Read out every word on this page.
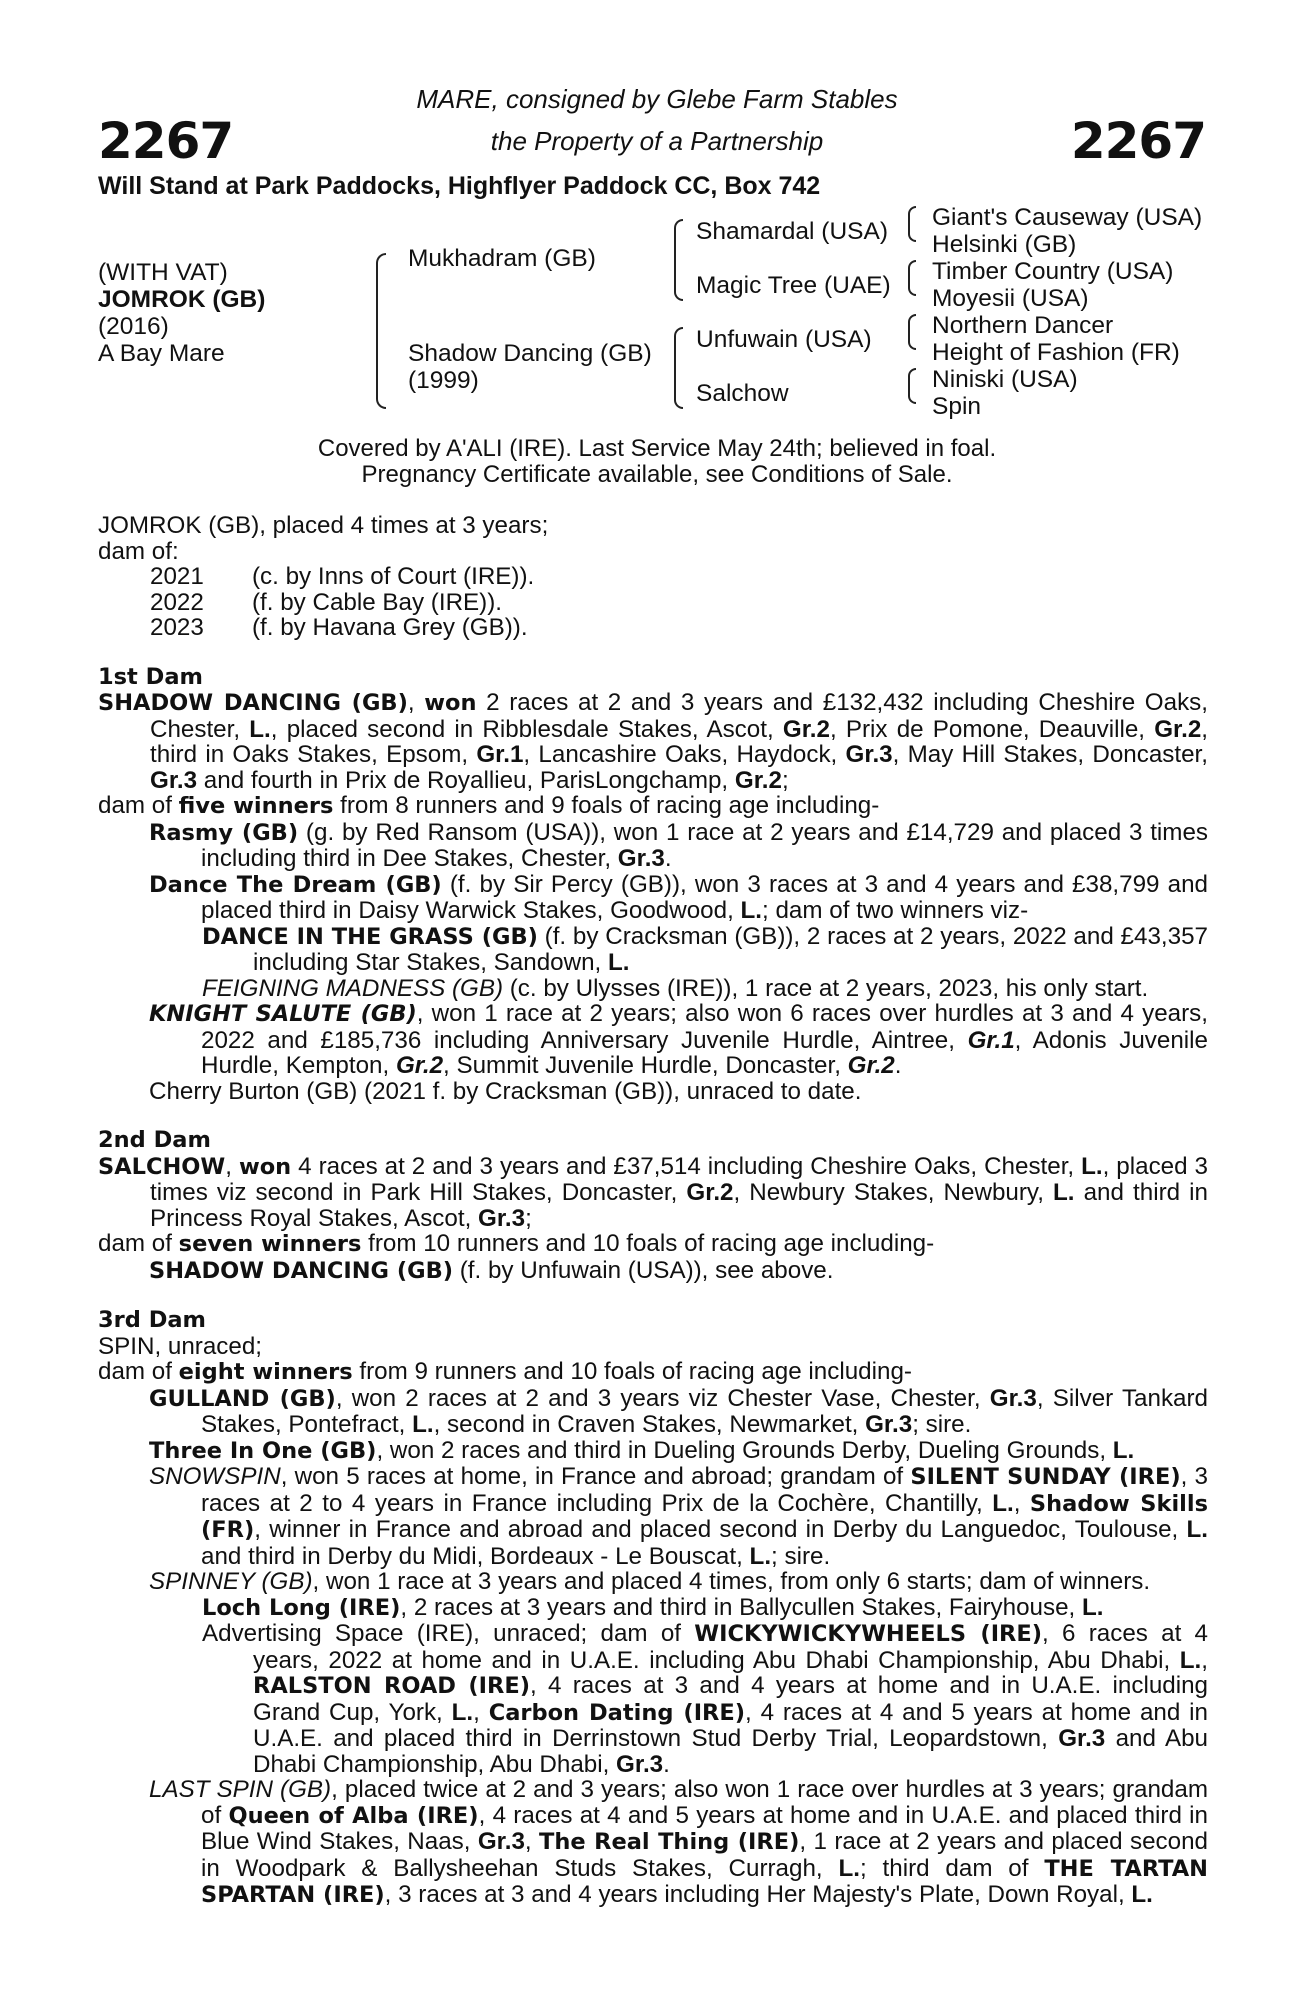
2267	2267
MARE, consigned by Glebe Farm Stables
the Property of a Partnership
Will Stand at Park Paddocks, Highflyer Paddock CC, Box 742
(WITH VAT)
JOMROK (GB)
(2016)
A Bay Mare
Mukhadram (GB)
Shadow Dancing (GB)
(1999)
Shamardal (USA)
Magic Tree (UAE)
Unfuwain (USA)
Salchow
Giant's Causeway (USA)
Helsinki (GB)
Timber Country (USA)
Moyesii (USA)
Northern Dancer
Height of Fashion (FR)
Niniski (USA)
Spin
Covered by A'ALI (IRE). Last Service May 24th; believed in foal.
Pregnancy Certificate available, see Conditions of Sale.

JOMROK (GB), placed 4 times at 3 years;

dam of:

2021	(c. by Inns of Court (IRE)).
2022	(f. by Cable Bay (IRE)).
2023	(f. by Havana Grey (GB)).
1st Dam

SHADOW DANCING (GB), won 2 races at 2 and 3 years and £132,432 including Cheshire Oaks, Chester, L., placed second in Ribblesdale Stakes, Ascot, Gr.2, Prix de Pomone, Deauville, Gr.2, third in Oaks Stakes, Epsom, Gr.1, Lancashire Oaks, Haydock, Gr.3, May Hill Stakes, Doncaster, Gr.3 and fourth in Prix de Royallieu, ParisLongchamp, Gr.2;

dam of five winners from 8 runners and 9 foals of racing age including-

Rasmy (GB) (g. by Red Ransom (USA)), won 1 race at 2 years and £14,729 and placed 3 times including third in Dee Stakes, Chester, Gr.3.

Dance The Dream (GB) (f. by Sir Percy (GB)), won 3 races at 3 and 4 years and £38,799 and placed third in Daisy Warwick Stakes, Goodwood, L.; dam of two winners viz-

DANCE IN THE GRASS (GB) (f. by Cracksman (GB)), 2 races at 2 years, 2022 and £43,357 including Star Stakes, Sandown, L.

FEIGNING MADNESS (GB) (c. by Ulysses (IRE)), 1 race at 2 years, 2023, his only start.

KNIGHT SALUTE (GB), won 1 race at 2 years; also won 6 races over hurdles at 3 and 4 years, 2022 and £185,736 including Anniversary Juvenile Hurdle, Aintree, Gr.1, Adonis Juvenile Hurdle, Kempton, Gr.2, Summit Juvenile Hurdle, Doncaster, Gr.2.

Cherry Burton (GB) (2021 f. by Cracksman (GB)), unraced to date.

2nd Dam

SALCHOW, won 4 races at 2 and 3 years and £37,514 including Cheshire Oaks, Chester, L., placed 3 times viz second in Park Hill Stakes, Doncaster, Gr.2, Newbury Stakes, Newbury, L. and third in Princess Royal Stakes, Ascot, Gr.3;

dam of seven winners from 10 runners and 10 foals of racing age including-

SHADOW DANCING (GB) (f. by Unfuwain (USA)), see above.

3rd Dam

SPIN, unraced;

dam of eight winners from 9 runners and 10 foals of racing age including-

GULLAND (GB), won 2 races at 2 and 3 years viz Chester Vase, Chester, Gr.3, Silver Tankard Stakes, Pontefract, L., second in Craven Stakes, Newmarket, Gr.3; sire.

Three In One (GB), won 2 races and third in Dueling Grounds Derby, Dueling Grounds, L.

SNOWSPIN, won 5 races at home, in France and abroad; grandam of SILENT SUNDAY (IRE), 3 races at 2 to 4 years in France including Prix de la Cochère, Chantilly, L., Shadow Skills (FR), winner in France and abroad and placed second in Derby du Languedoc, Toulouse, L. and third in Derby du Midi, Bordeaux - Le Bouscat, L.; sire.

SPINNEY (GB), won 1 race at 3 years and placed 4 times, from only 6 starts; dam of winners.

Loch Long (IRE), 2 races at 3 years and third in Ballycullen Stakes, Fairyhouse, L.

Advertising Space (IRE), unraced; dam of WICKYWICKYWHEELS (IRE), 6 races at 4 years, 2022 at home and in U.A.E. including Abu Dhabi Championship, Abu Dhabi, L., RALSTON ROAD (IRE), 4 races at 3 and 4 years at home and in U.A.E. including Grand Cup, York, L., Carbon Dating (IRE), 4 races at 4 and 5 years at home and in U.A.E. and placed third in Derrinstown Stud Derby Trial, Leopardstown, Gr.3 and Abu Dhabi Championship, Abu Dhabi, Gr.3.

LAST SPIN (GB), placed twice at 2 and 3 years; also won 1 race over hurdles at 3 years; grandam of Queen of Alba (IRE), 4 races at 4 and 5 years at home and in U.A.E. and placed third in Blue Wind Stakes, Naas, Gr.3, The Real Thing (IRE), 1 race at 2 years and placed second in Woodpark & Ballysheehan Studs Stakes, Curragh, L.; third dam of THE TARTAN SPARTAN (IRE), 3 races at 3 and 4 years including Her Majesty's Plate, Down Royal, L.
